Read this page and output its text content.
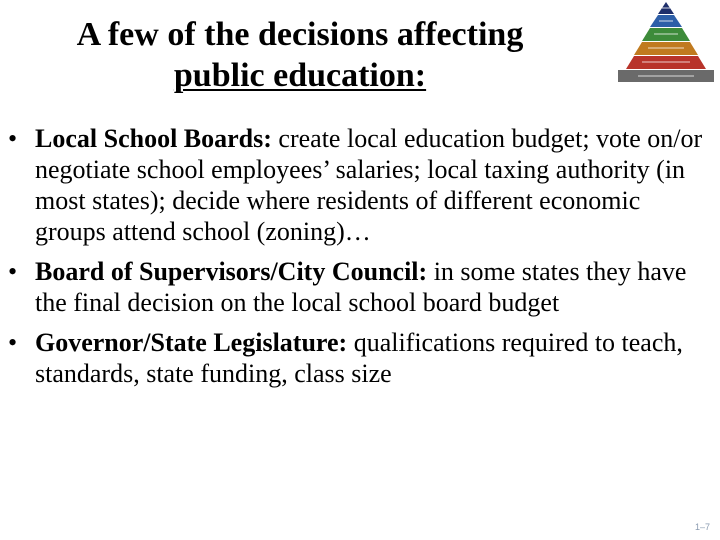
A few of the decisions affecting
public education:
• Local School Boards: create local education budget; vote on/or negotiate school employees’ salaries; local taxing authority (in most states); decide where residents of different economic groups attend school (zoning)…
• Board of Supervisors/City Council: in some states they have the final decision on the local school board budget
• Governor/State Legislature: qualifications required to teach, standards, state funding, class size
1–7
